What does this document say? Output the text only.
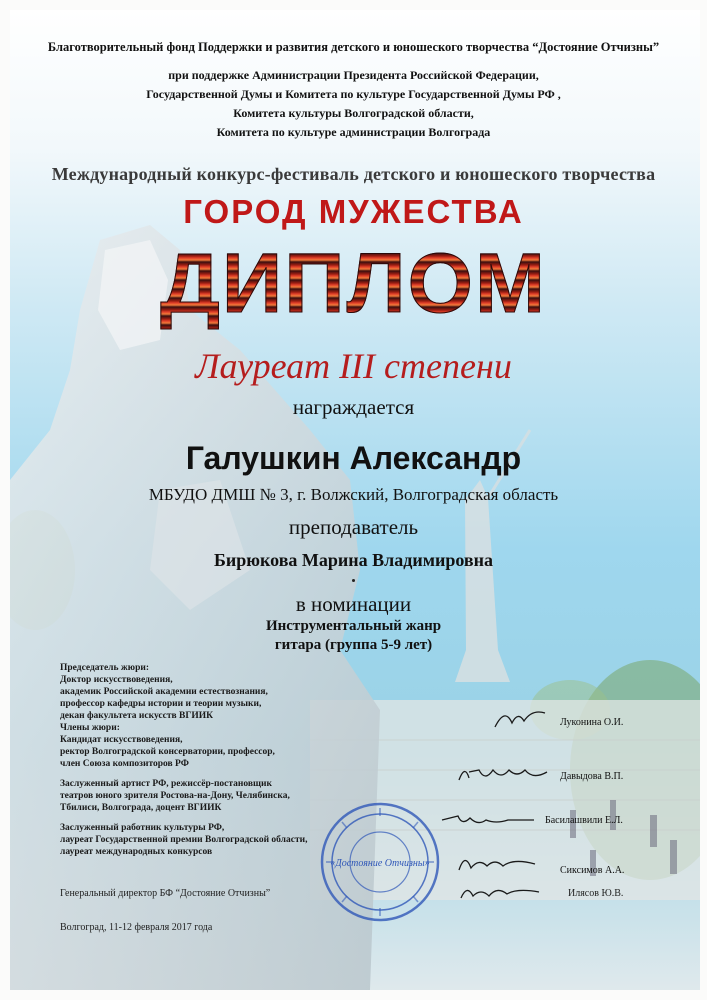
Благотворительный фонд Поддержки и развития детского и юношеского творчества “Достояние Отчизны”
при поддержке Администрации Президента Российской Федерации,
Государственной Думы и Комитета по культуре Государственной Думы РФ ,
Комитета культуры Волгоградской области,
Комитета по культуре администрации Волгограда
Международный конкурс-фестиваль детского и юношеского творчества
ГОРОД МУЖЕСТВА
ДИПЛОМ
Лауреат III степени
награждается
Галушкин Александр
МБУДО ДМШ № 3, г. Волжский, Волгоградская область
преподаватель
Бирюкова Марина Владимировна
в номинации
Инструментальный жанр
гитара (группа 5-9 лет)
Председатель жюри:
Доктор искусствоведения,
академик Российской академии естествознания,
профессор кафедры истории и теории музыки,
декан факультета искусств ВГИИК
Члены жюри:
Кандидат искусствоведения,
ректор Волгоградской консерватории, профессор,
член Союза композиторов РФ
Заслуженный артист РФ, режиссёр-постановщик
театров юного зрителя Ростова-на-Дону, Челябинска,
Тбилиси, Волгограда, доцент ВГИИК
Заслуженный работник культуры РФ,
лауреат Государственной премии Волгоградской области,
лауреат международных конкурсов
Луконина О.И.
Давыдова В.П.
Басилашвили Е.Л.
Сиксимов А.А.
Генеральный директор БФ “Достояние Отчизны”	Илясов Ю.В.
Волгоград, 11-12 февраля 2017 года
«Достояние Отчизны»
